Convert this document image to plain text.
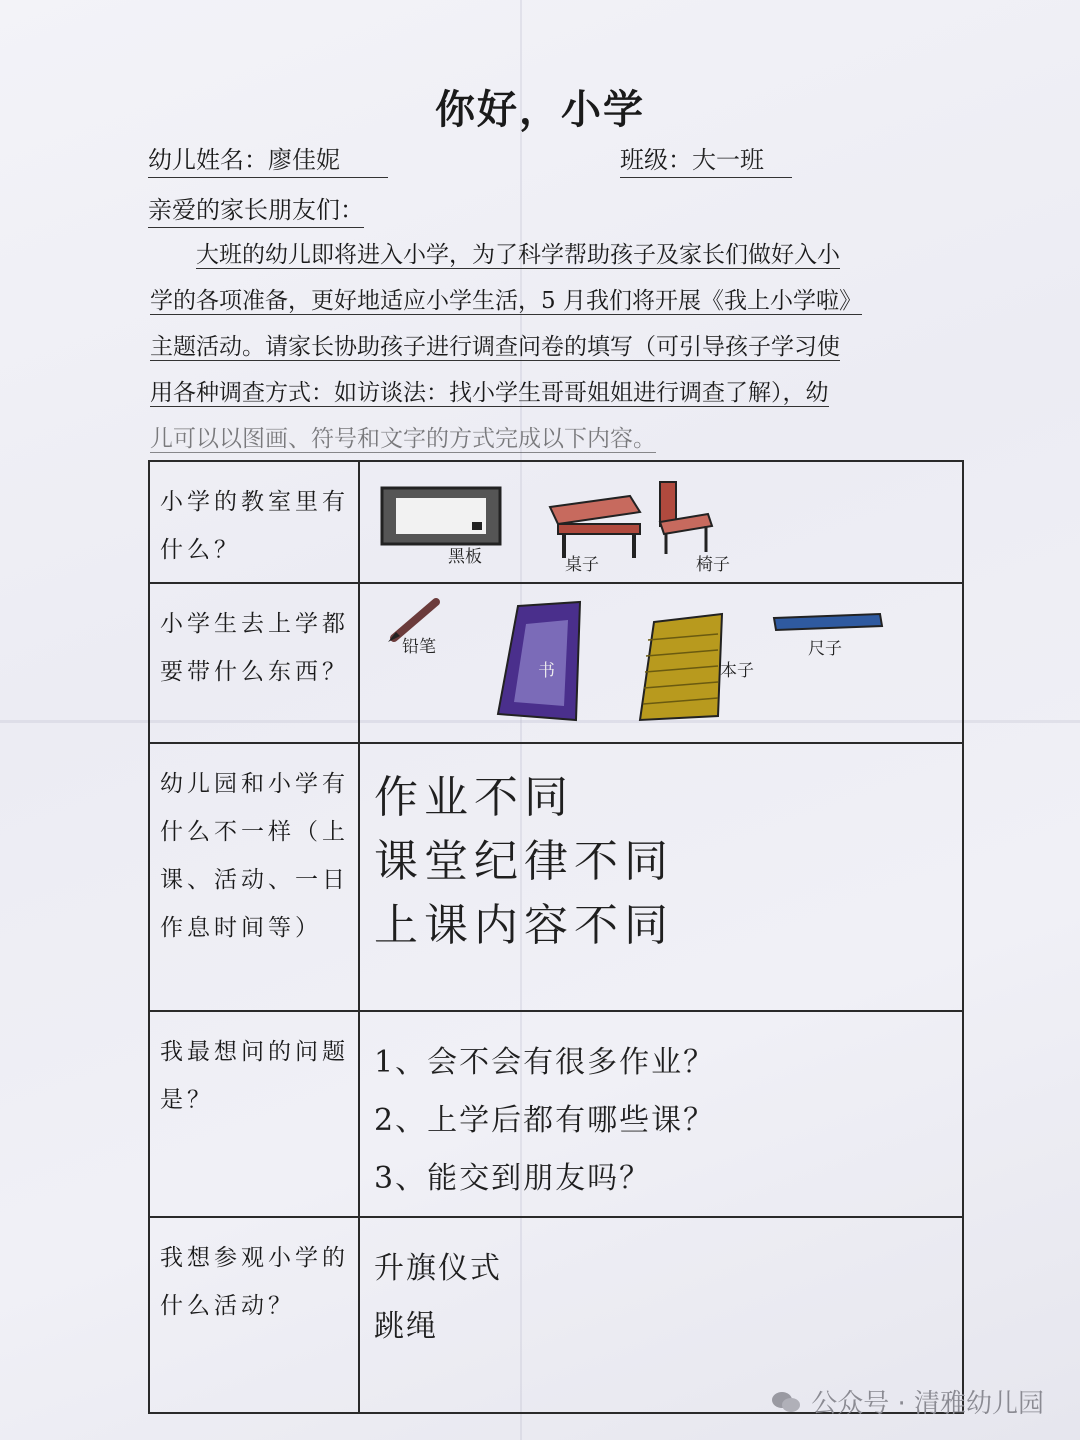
你好，小学
幼儿姓名：廖佳妮	班级：大一班
亲爱的家长朋友们：

大班的幼儿即将进入小学，为了科学帮助孩子及家长们做好入小

学的各项准备，更好地适应小学生活，5 月我们将开展《我上小学啦》
主题活动。请家长协助孩子进行调查问卷的填写（可引导孩子学习使
用各种调查方式：如访谈法：找小学生哥哥姐姐进行调查了解），幼
儿可以以图画、符号和文字的方式完成以下内容。
小学的教室里有什么？	黑板 桌子 椅子

小学生去上学都要带什么东西？	铅笔
书 本子
尺子

幼儿园和小学有什么不一样（上课、活动、一日作息时间等）	作业不同
课堂纪律不同
上课内容不同

我最想问的问题是？	1、会不会有很多作业？
2、上学后都有哪些课？
3、能交到朋友吗？

我想参观小学的什么活动？	升旗仪式
跳绳
公众号 · 清雅幼儿园
